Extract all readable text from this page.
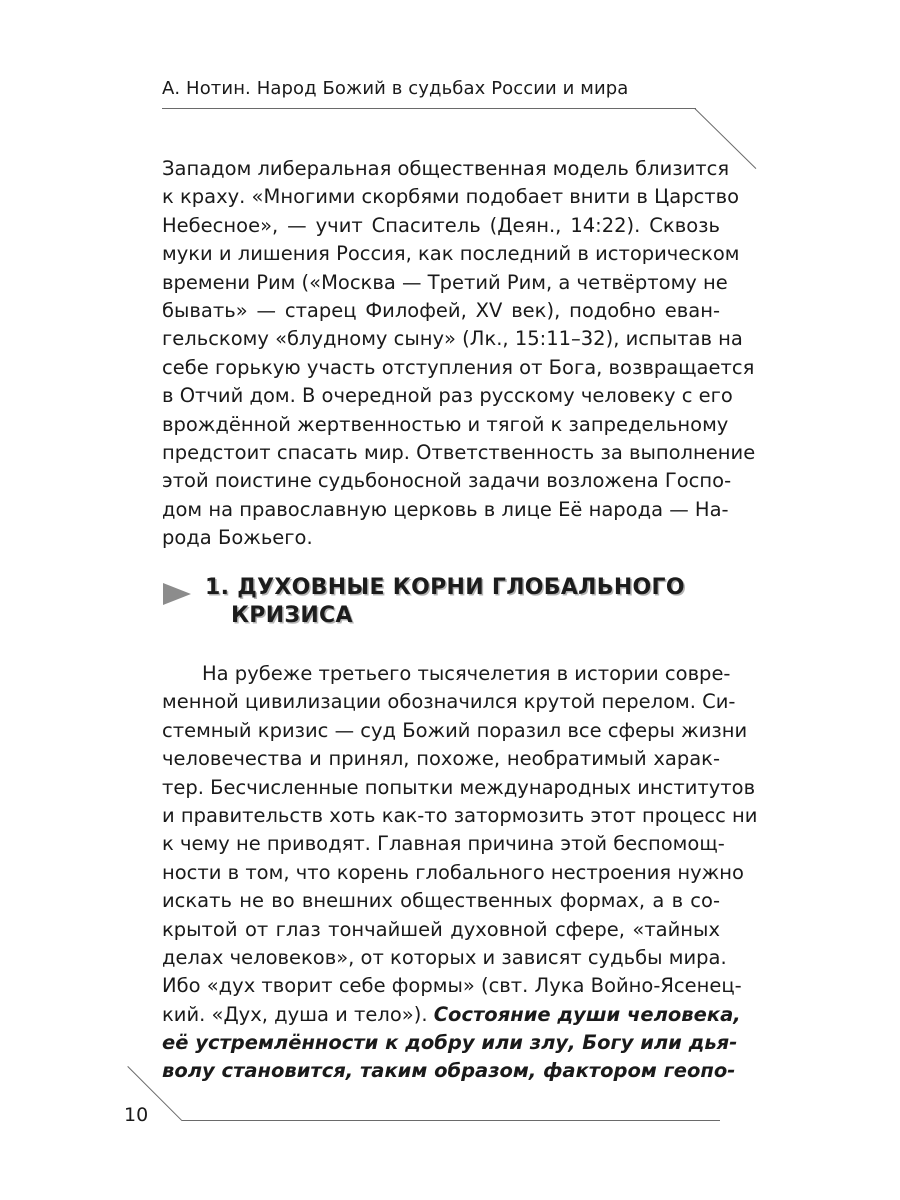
А. Нотин. Народ Божий в судьбах России и мира
Западом либеральная общественная модель близится
к краху. «Многими скорбями подобает внити в Царство
Небесное», — учит Спаситель (Деян., 14:22). Сквозь
муки и лишения Россия, как последний в историческом
времени Рим («Москва — Третий Рим, а четвёртому не
бывать» — старец Филофей, XV век), подобно еван-
гельскому «блудному сыну» (Лк., 15:11–32), испытав на
себе горькую участь отступления от Бога, возвращается
в Отчий дом. В очередной раз русскому человеку с его
врождённой жертвенностью и тягой к запредельному
предстоит спасать мир. Ответственность за выполнение
этой поистине судьбоносной задачи возложена Госпо-
дом на православную церковь в лице Её народа — На-
рода Божьего.
1. ДУХОВНЫЕ КОРНИ ГЛОБАЛЬНОГО
КРИЗИСА
На рубеже третьего тысячелетия в истории совре-
менной цивилизации обозначился крутой перелом. Си-
стемный кризис — суд Божий поразил все сферы жизни
человечества и принял, похоже, необратимый харак-
тер. Бесчисленные попытки международных институтов
и правительств хоть как-то затормозить этот процесс ни
к чему не приводят. Главная причина этой беспомощ-
ности в том, что корень глобального нестроения нужно
искать не во внешних общественных формах, а в со-
крытой от глаз тончайшей духовной сфере, «тайных
делах человеков», от которых и зависят судьбы мира.
Ибо «дух творит себе формы» (свт. Лука Войно-Ясенец-
кий. «Дух, душа и тело»). Состояние души человека,
её устремлённости к добру или злу, Богу или дья-
волу становится, таким образом, фактором геопо-
10
